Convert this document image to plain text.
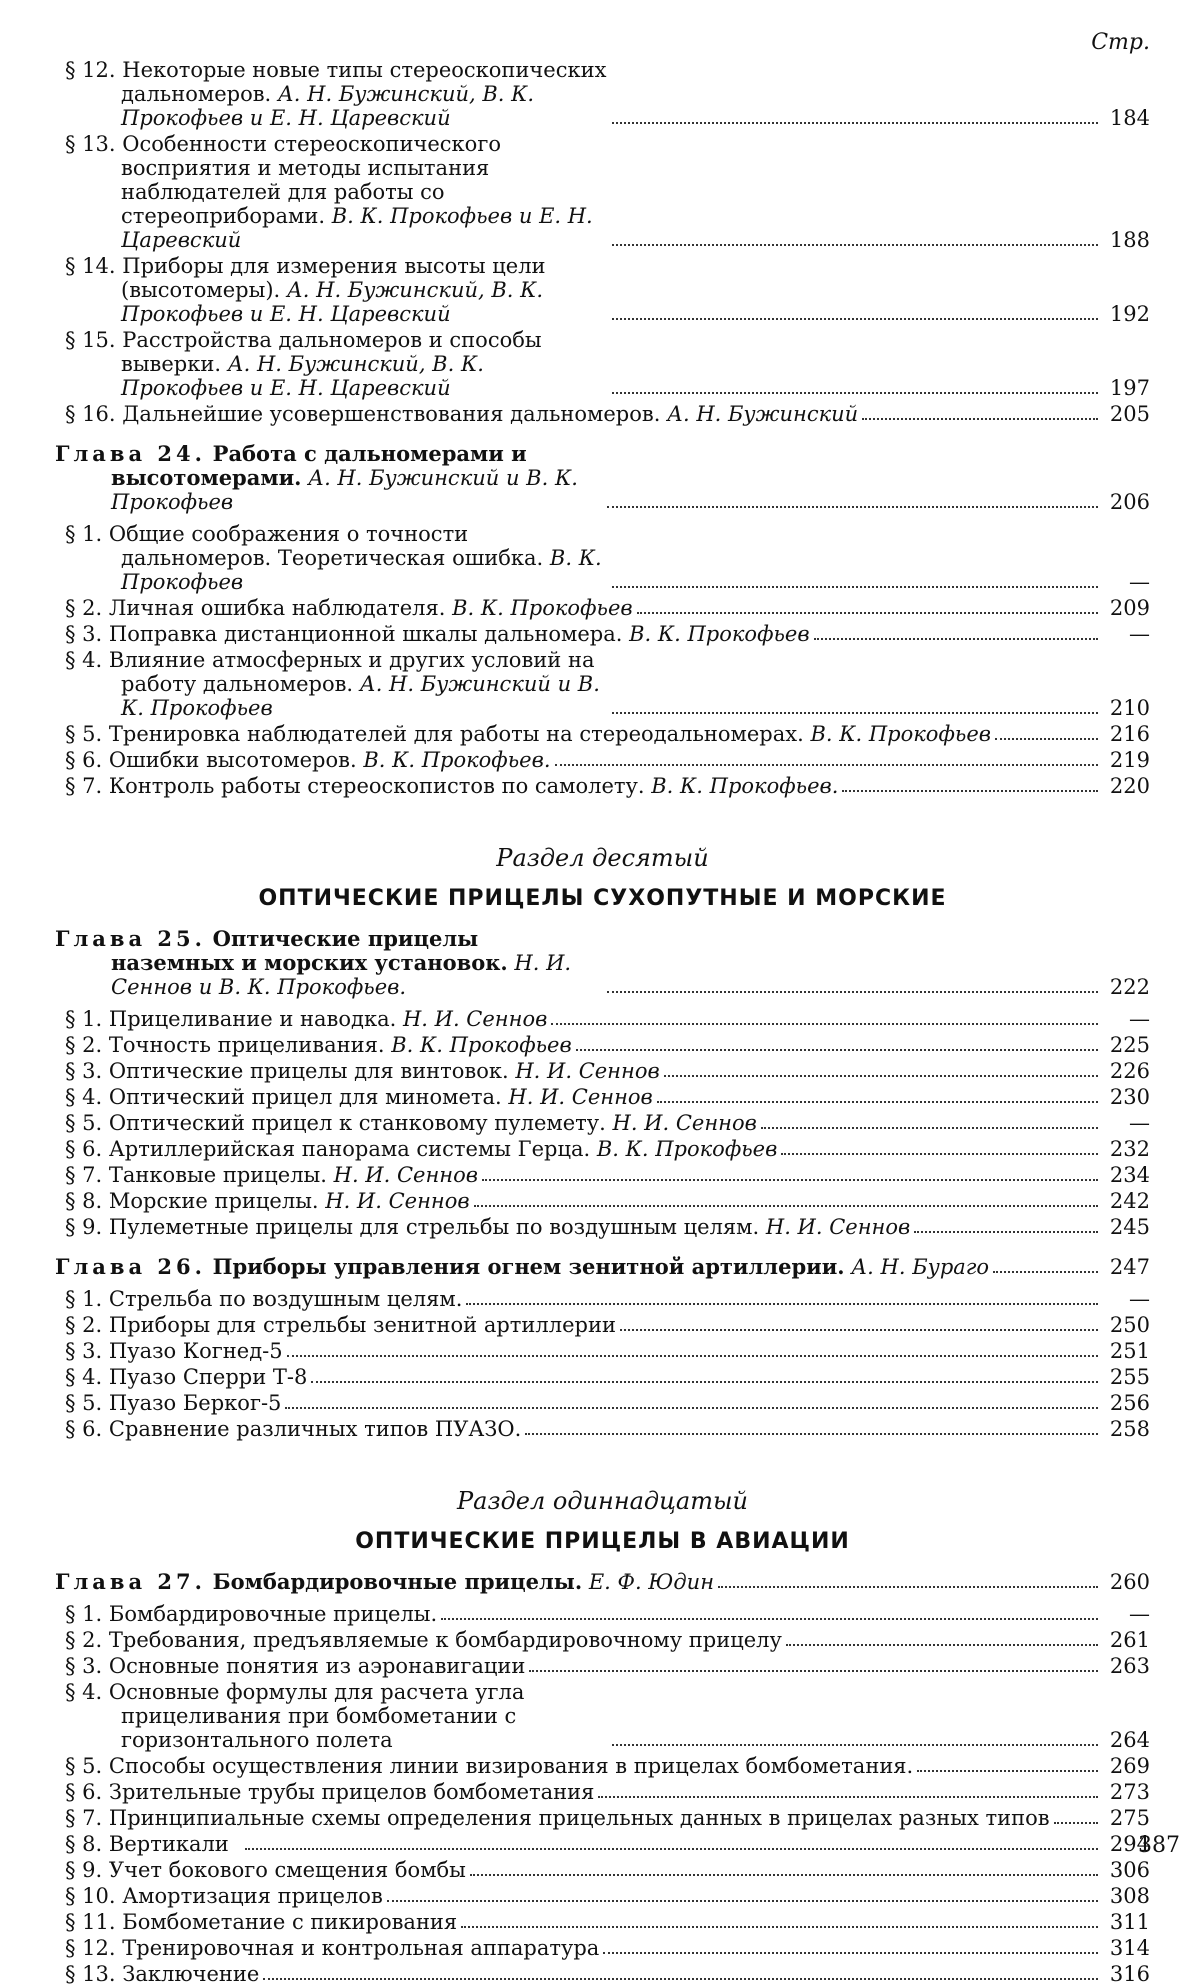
Стр.
§ 12. Некоторые новые типы стереоскопических дальномеров. А. Н. Бужинский, В. К. Прокофьев и Е. Н. Царевский	184
§ 13. Особенности стереоскопического восприятия и методы испытания наблюдателей для работы со стереоприборами. В. К. Прокофьев и Е. Н. Царевский	188
§ 14. Приборы для измерения высоты цели (высотомеры). А. Н. Бужинский, В. К. Прокофьев и Е. Н. Царевский	192
§ 15. Расстройства дальномеров и способы выверки. А. Н. Бужинский, В. К. Прокофьев и Е. Н. Царевский	197
§ 16. Дальнейшие усовершенствования дальномеров. А. Н. Бужинский	205
Глава 24. Работа с дальномерами и высотомерами. А. Н. Бужинский и В. К. Прокофьев	206
§ 1. Общие соображения о точности дальномеров. Теоретическая ошибка. В. К. Прокофьев	—
§ 2. Личная ошибка наблюдателя. В. К. Прокофьев	209
§ 3. Поправка дистанционной шкалы дальномера. В. К. Прокофьев	—
§ 4. Влияние атмосферных и других условий на работу дальномеров. А. Н. Бужинский и В. К. Прокофьев	210
§ 5. Тренировка наблюдателей для работы на стереодальномерах. В. К. Прокофьев	216
§ 6. Ошибки высотомеров. В. К. Прокофьев.	219
§ 7. Контроль работы стереоскопистов по самолету. В. К. Прокофьев.	220
Раздел десятый
ОПТИЧЕСКИЕ ПРИЦЕЛЫ СУХОПУТНЫЕ И МОРСКИЕ
Глава 25. Оптические прицелы наземных и морских установок. Н. И. Сеннов и В. К. Прокофьев.	222
§ 1. Прицеливание и наводка. Н. И. Сеннов	—
§ 2. Точность прицеливания. В. К. Прокофьев	225
§ 3. Оптические прицелы для винтовок. Н. И. Сеннов	226
§ 4. Оптический прицел для миномета. Н. И. Сеннов	230
§ 5. Оптический прицел к станковому пулемету. Н. И. Сеннов	—
§ 6. Артиллерийская панорама системы Герца. В. К. Прокофьев	232
§ 7. Танковые прицелы. Н. И. Сеннов	234
§ 8. Морские прицелы. Н. И. Сеннов	242
§ 9. Пулеметные прицелы для стрельбы по воздушным целям. Н. И. Сеннов	245
Глава 26. Приборы управления огнем зенитной артиллерии. А. Н. Бураго	247
§ 1. Стрельба по воздушным целям.	—
§ 2. Приборы для стрельбы зенитной артиллерии	250
§ 3. Пуазо Когнед-5	251
§ 4. Пуазо Сперри Т-8	255
§ 5. Пуазо Берког-5	256
§ 6. Сравнение различных типов ПУАЗО.	258
Раздел одиннадцатый
ОПТИЧЕСКИЕ ПРИЦЕЛЫ В АВИАЦИИ
Глава 27. Бомбардировочные прицелы. Е. Ф. Юдин	260
§ 1. Бомбардировочные прицелы.	—
§ 2. Требования, предъявляемые к бомбардировочному прицелу	261
§ 3. Основные понятия из аэронавигации	263
§ 4. Основные формулы для расчета угла прицеливания при бомбометании с горизонтального полета	264
§ 5. Способы осуществления линии визирования в прицелах бомбометания.	269
§ 6. Зрительные трубы прицелов бомбометания	273
§ 7. Принципиальные схемы определения прицельных данных в прицелах разных типов	275
§ 8. Вертикали	294
§ 9. Учет бокового смещения бомбы	306
§ 10. Амортизация прицелов	308
§ 11. Бомбометание с пикирования	311
§ 12. Тренировочная и контрольная аппаратура	314
§ 13. Заключение	316
387
